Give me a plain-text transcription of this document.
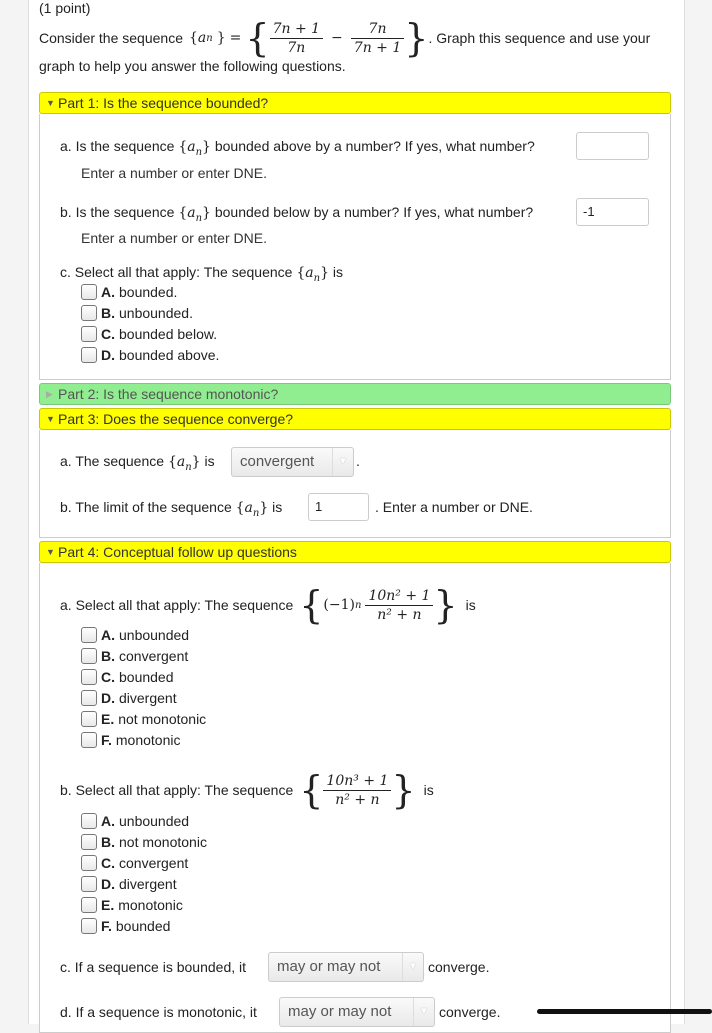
(1 point)
Consider the sequence { a n } = { $\frac{7n + 1}{7n} - \frac{7n}{7n + 1}$ } . Graph this sequence and use your
graph to help you answer the following questions.
▼ Part 1: Is the sequence bounded?
a. Is the sequence $\{a_n\}$ bounded above by a number? If yes, what number?
Enter a number or enter DNE.
b. Is the sequence $\{a_n\}$ bounded below by a number? If yes, what number?	-1
Enter a number or enter DNE.
c. Select all that apply: The sequence $\{a_n\}$ is
A. bounded.
B. unbounded.
C. bounded below.
D. bounded above.
▶ Part 2: Is the sequence monotonic?
▼ Part 3: Does the sequence converge?
a. The sequence $\{a_n\}$ is	convergent	▼ .
b. The limit of the sequence $\{a_n\}$ is	1	. Enter a number or DNE.
▼ Part 4: Conceptual follow up questions
a. Select all that apply: The sequence { (−1) n $\frac{\text{10n² + 1}}{\text{n² + n}}$ } is
A. unbounded
B. convergent
C. bounded
D. divergent
E. not monotonic
F. monotonic
b. Select all that apply: The sequence { $\frac{\text{10n³ + 1}}{\text{n² + n}}$ } is
A. unbounded
B. not monotonic
C. convergent
D. divergent
E. monotonic
F. bounded
c. If a sequence is bounded, it	may or may not	▼ converge.
d. If a sequence is monotonic, it	may or may not	▼ converge.
